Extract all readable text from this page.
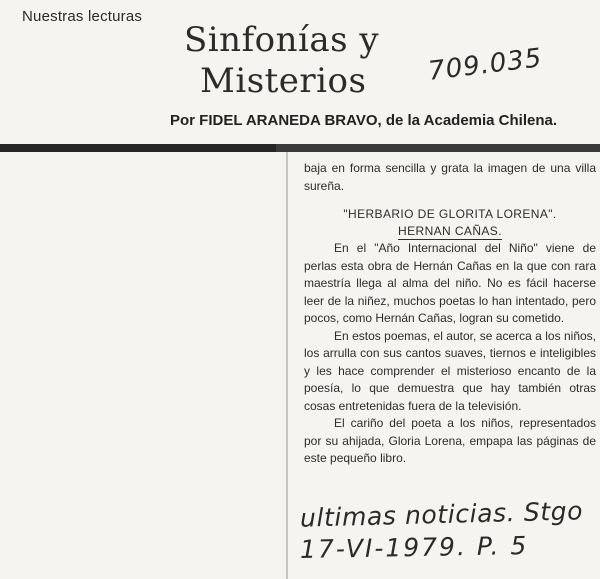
Nuestras lecturas
Sinfonías y
Misterios 709.035
Por FIDEL ARANEDA BRAVO, de la Academia Chilena.

baja en forma sencilla y grata la imagen de una villa sureña.

"HERBARIO DE GLORITA LORENA".

HERNAN CAÑAS.

En el "Año Internacional del Niño" viene de perlas esta obra de Hernán Cañas en la que con rara maestría llega al alma del niño. No es fácil hacerse leer de la niñez, muchos poetas lo han intentado, pero pocos, como Hernán Cañas, logran su cometido.

En estos poemas, el autor, se acerca a los niños, los arrulla con sus cantos suaves, tiernos e inteligibles y les hace comprender el misterioso encanto de la poesía, lo que demuestra que hay también otras cosas entretenidas fuera de la televisión.

El cariño del poeta a los niños, representados por su ahijada, Gloria Lorena, empapa las páginas de este pequeño libro.

ultimas noticias. Stgo
17-VI-1979. P. 5
